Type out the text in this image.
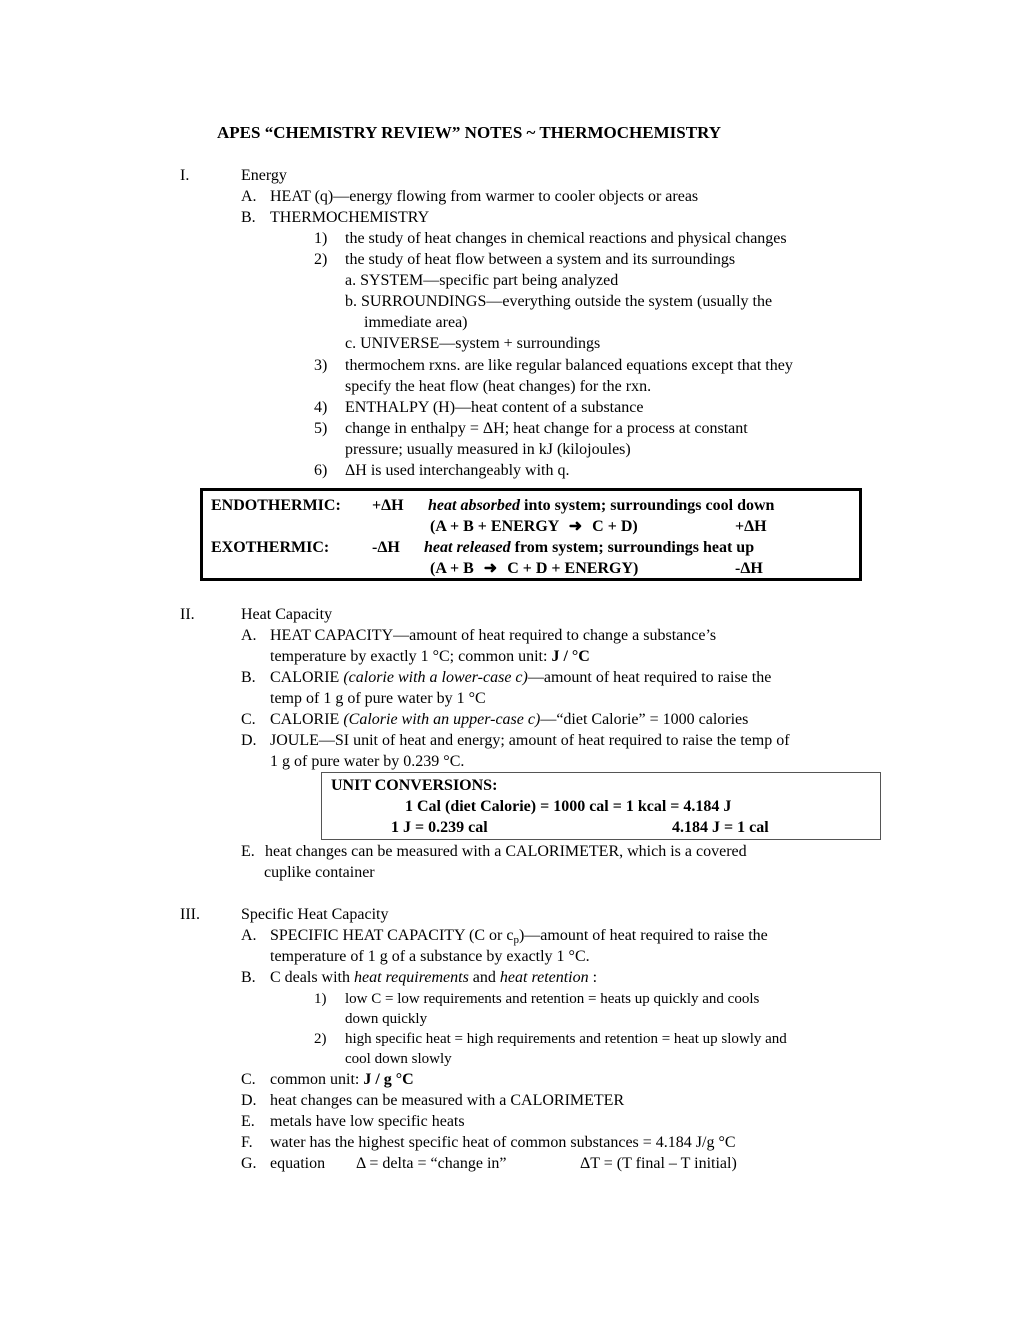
APES “CHEMISTRY REVIEW” NOTES ~ THERMOCHEMISTRY
I.	Energy
A. HEAT (q)—energy flowing from warmer to cooler objects or areas
B. THERMOCHEMISTRY
1) the study of heat changes in chemical reactions and physical changes
2) the study of heat flow between a system and its surroundings
a. SYSTEM—specific part being analyzed
b. SURROUNDINGS—everything outside the system (usually the
immediate area)
c. UNIVERSE—system + surroundings
3) thermochem rxns. are like regular balanced equations except that they
specify the heat flow (heat changes) for the rxn.
4) ENTHALPY (H)—heat content of a substance
5) change in enthalpy = ΔH; heat change for a process at constant
pressure; usually measured in kJ (kilojoules)
6) ΔH is used interchangeably with q.
ENDOTHERMIC: +ΔH heat absorbed into system; surroundings cool down
(A + B + ENERGY ➜ C + D)	+ΔH
EXOTHERMIC:	-ΔH heat released from system; surroundings heat up
(A + B ➜ C + D + ENERGY)	-ΔH
II.	Heat Capacity
A. HEAT CAPACITY—amount of heat required to change a substance’s
temperature by exactly 1 °C; common unit: J / °C
B. CALORIE (calorie with a lower-case c)—amount of heat required to raise the
temp of 1 g of pure water by 1 °C
C. CALORIE (Calorie with an upper-case c)—“diet Calorie” = 1000 calories
D. JOULE—SI unit of heat and energy; amount of heat required to raise the temp of
1 g of pure water by 0.239 °C.
UNIT CONVERSIONS:
1 Cal (diet Calorie) = 1000 cal = 1 kcal = 4.184 J
1 J = 0.239 cal	4.184 J = 1 cal
E. heat changes can be measured with a CALORIMETER, which is a covered
cuplike container
III.	Specific Heat Capacity
A. SPECIFIC HEAT CAPACITY (C or $c_p)—amount$ of heat required to raise the
temperature of 1 g of a substance by exactly 1 °C.
B. C deals with heat requirements and heat retention :
1) low C = low requirements and retention = heats up quickly and cools
down quickly
2) high specific heat = high requirements and retention = heat up slowly and
cool down slowly
C. common unit: J / g °C
D. heat changes can be measured with a CALORIMETER
E. metals have low specific heats
F. water has the highest specific heat of common substances = 4.184 J/g °C
G. equation Δ = delta = “change in”	ΔT = (T final – T initial)
